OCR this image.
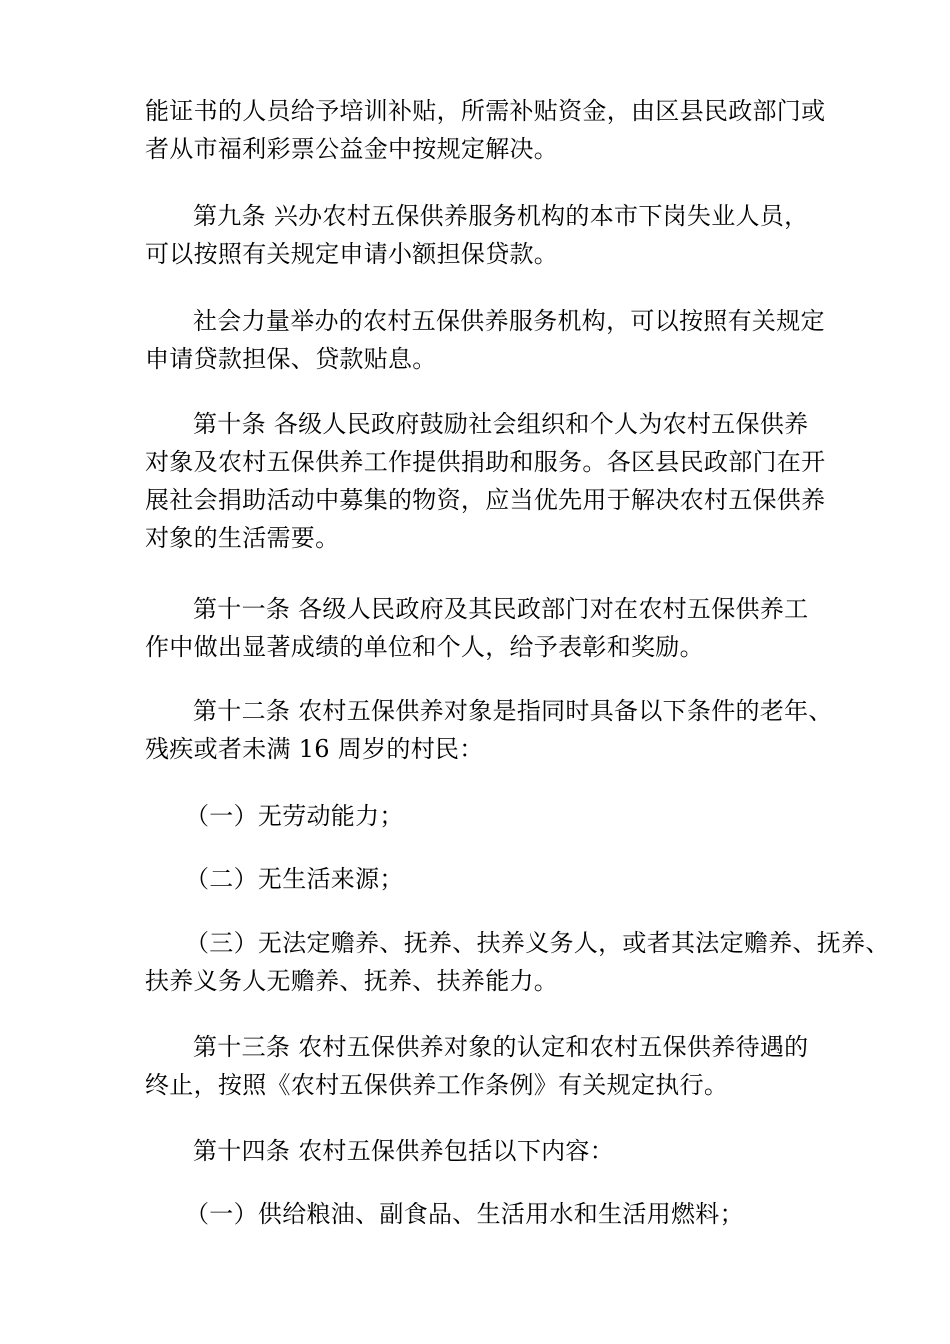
能证书的人员给予培训补贴，所需补贴资金，由区县民政部门或
者从市福利彩票公益金中按规定解决。
第九条 兴办农村五保供养服务机构的本市下岗失业人员，
可以按照有关规定申请小额担保贷款。
社会力量举办的农村五保供养服务机构，可以按照有关规定
申请贷款担保、贷款贴息。
第十条 各级人民政府鼓励社会组织和个人为农村五保供养
对象及农村五保供养工作提供捐助和服务。各区县民政部门在开
展社会捐助活动中募集的物资，应当优先用于解决农村五保供养
对象的生活需要。
第十一条 各级人民政府及其民政部门对在农村五保供养工
作中做出显著成绩的单位和个人，给予表彰和奖励。
第十二条 农村五保供养对象是指同时具备以下条件的老年、
残疾或者未满 16 周岁的村民：
（一）无劳动能力；
（二）无生活来源；
（三）无法定赡养、抚养、扶养义务人，或者其法定赡养、抚养、
扶养义务人无赡养、抚养、扶养能力。
第十三条 农村五保供养对象的认定和农村五保供养待遇的
终止，按照《农村五保供养工作条例》有关规定执行。
第十四条 农村五保供养包括以下内容：
（一）供给粮油、副食品、生活用水和生活用燃料；
